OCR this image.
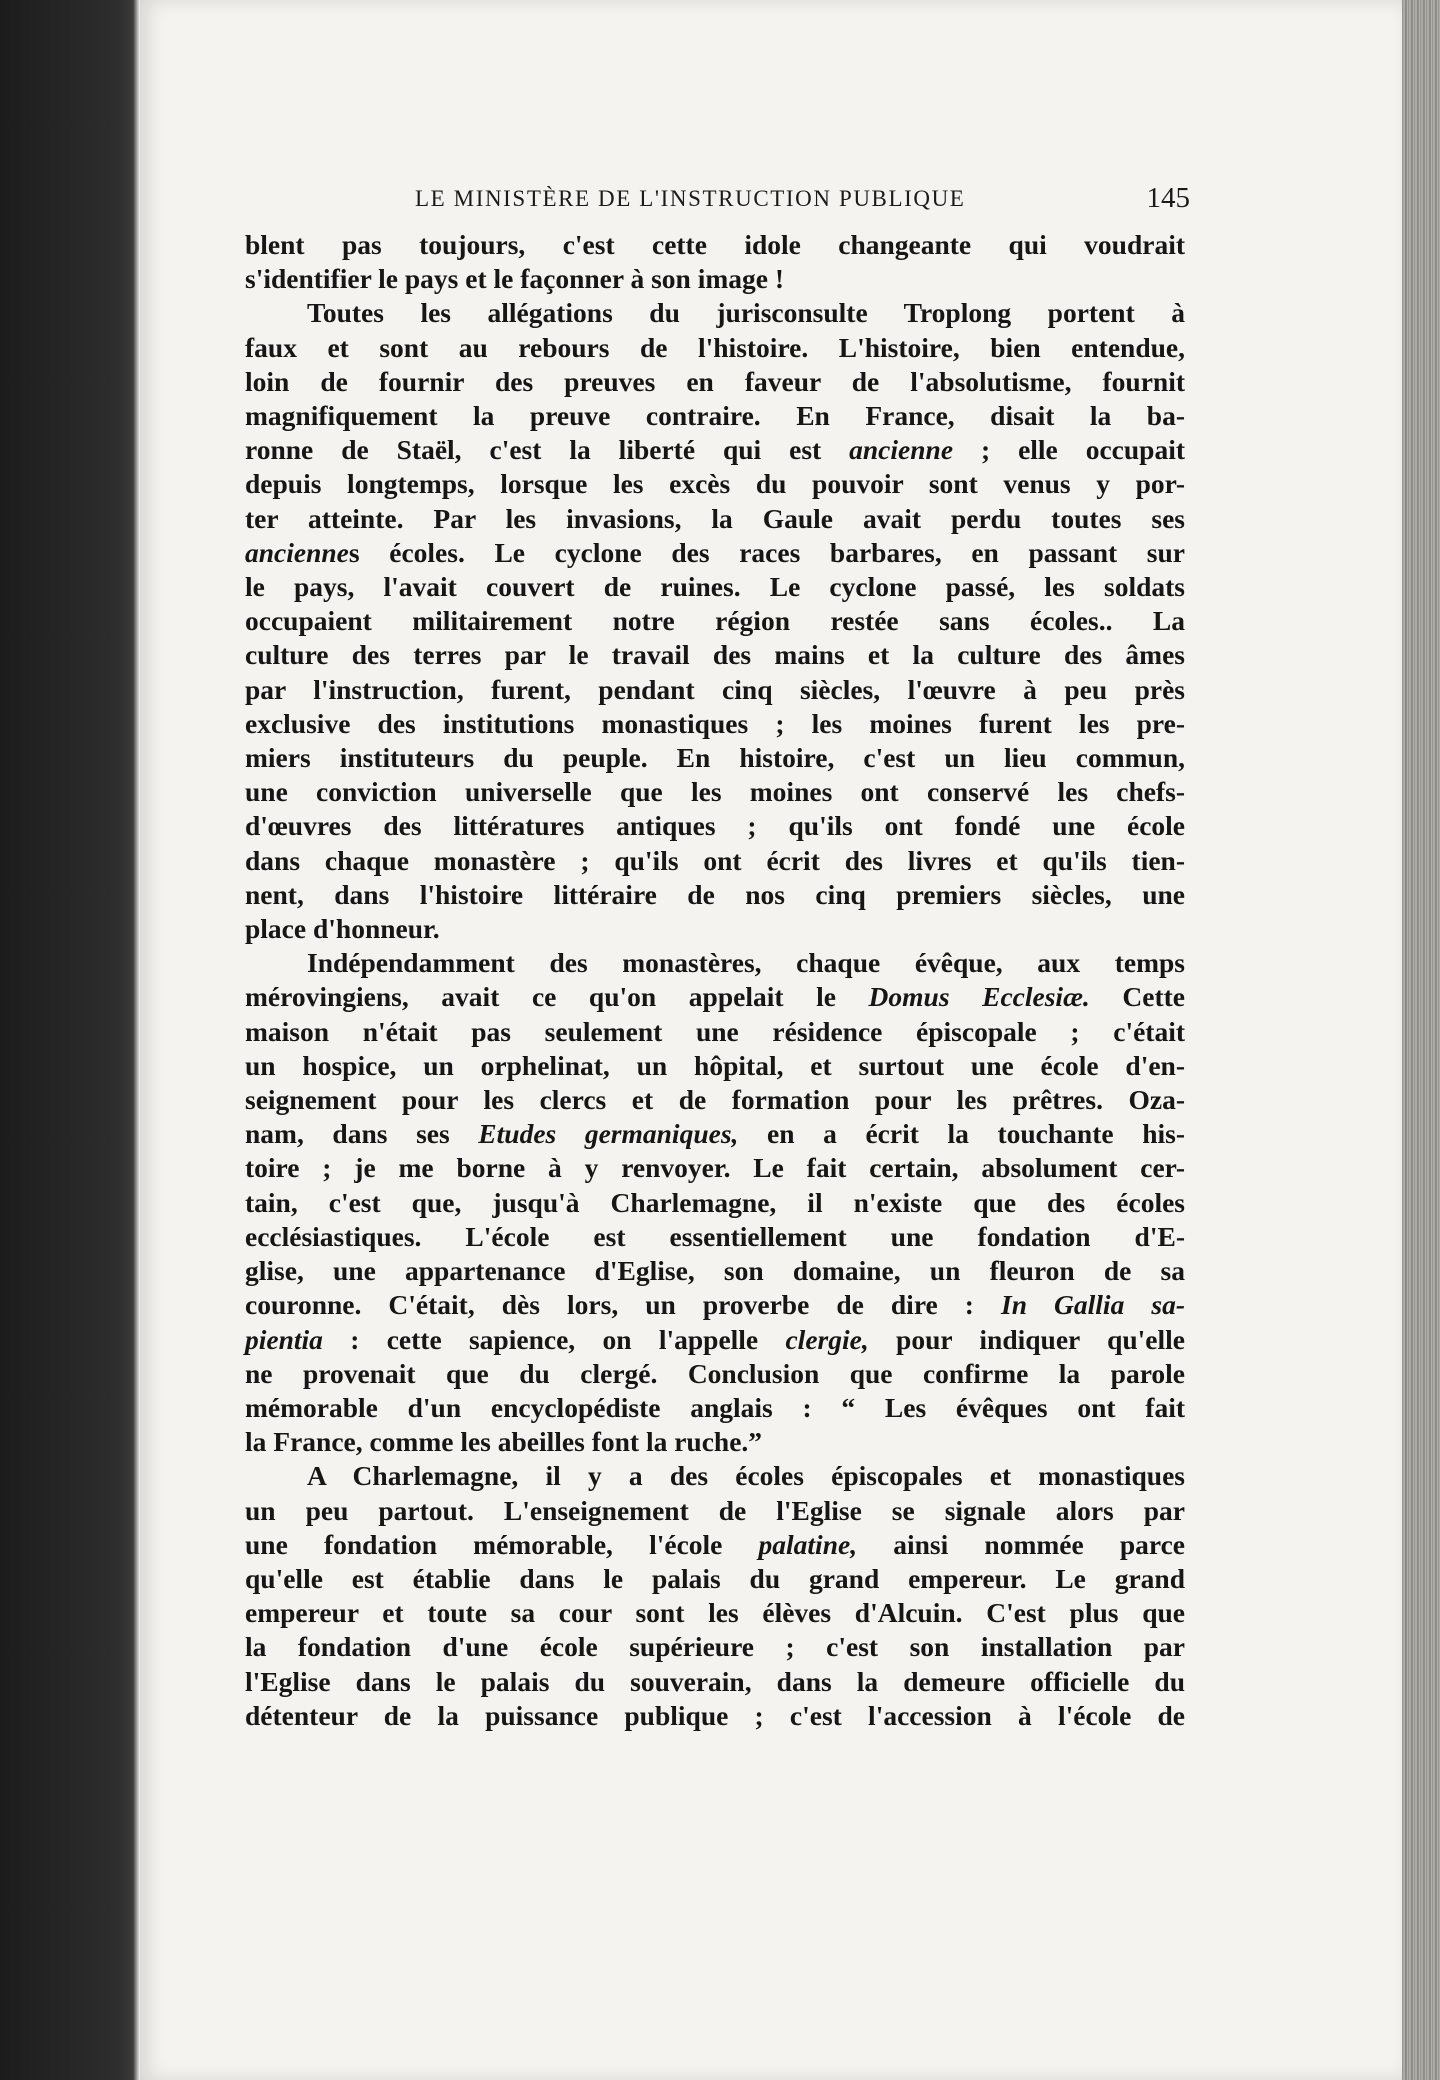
LE MINISTÈRE DE L'INSTRUCTION PUBLIQUE	145

blent pas toujours, c'est cette idole changeante qui voudrait
s'identifier le pays et le façonner à son image !

Toutes les allégations du jurisconsulte Troplong portent à
faux et sont au rebours de l'histoire. L'histoire, bien entendue,
loin de fournir des preuves en faveur de l'absolutisme, fournit
magnifiquement la preuve contraire. En France, disait la ba-
ronne de Staël, c'est la liberté qui est ancienne ; elle occupait
depuis longtemps, lorsque les excès du pouvoir sont venus y por-
ter atteinte. Par les invasions, la Gaule avait perdu toutes ses
anciennes écoles. Le cyclone des races barbares, en passant sur
le pays, l'avait couvert de ruines. Le cyclone passé, les soldats
occupaient militairement notre région restée sans écoles.. La
culture des terres par le travail des mains et la culture des âmes
par l'instruction, furent, pendant cinq siècles, l'œuvre à peu près
exclusive des institutions monastiques ; les moines furent les pre-
miers instituteurs du peuple. En histoire, c'est un lieu commun,
une conviction universelle que les moines ont conservé les chefs-
d'œuvres des littératures antiques ; qu'ils ont fondé une école
dans chaque monastère ; qu'ils ont écrit des livres et qu'ils tien-
nent, dans l'histoire littéraire de nos cinq premiers siècles, une
place d'honneur.

Indépendamment des monastères, chaque évêque, aux temps
mérovingiens, avait ce qu'on appelait le Domus Ecclesiæ. Cette
maison n'était pas seulement une résidence épiscopale ; c'était
un hospice, un orphelinat, un hôpital, et surtout une école d'en-
seignement pour les clercs et de formation pour les prêtres. Oza-
nam, dans ses Etudes germaniques, en a écrit la touchante his-
toire ; je me borne à y renvoyer. Le fait certain, absolument cer-
tain, c'est que, jusqu'à Charlemagne, il n'existe que des écoles
ecclésiastiques. L'école est essentiellement une fondation d'E-
glise, une appartenance d'Eglise, son domaine, un fleuron de sa
couronne. C'était, dès lors, un proverbe de dire : In Gallia sa-
pientia : cette sapience, on l'appelle clergie, pour indiquer qu'elle
ne provenait que du clergé. Conclusion que confirme la parole
mémorable d'un encyclopédiste anglais : “ Les évêques ont fait
la France, comme les abeilles font la ruche.”

A Charlemagne, il y a des écoles épiscopales et monastiques
un peu partout. L'enseignement de l'Eglise se signale alors par
une fondation mémorable, l'école palatine, ainsi nommée parce
qu'elle est établie dans le palais du grand empereur. Le grand
empereur et toute sa cour sont les élèves d'Alcuin. C'est plus que
la fondation d'une école supérieure ; c'est son installation par
l'Eglise dans le palais du souverain, dans la demeure officielle du
détenteur de la puissance publique ; c'est l'accession à l'école de
